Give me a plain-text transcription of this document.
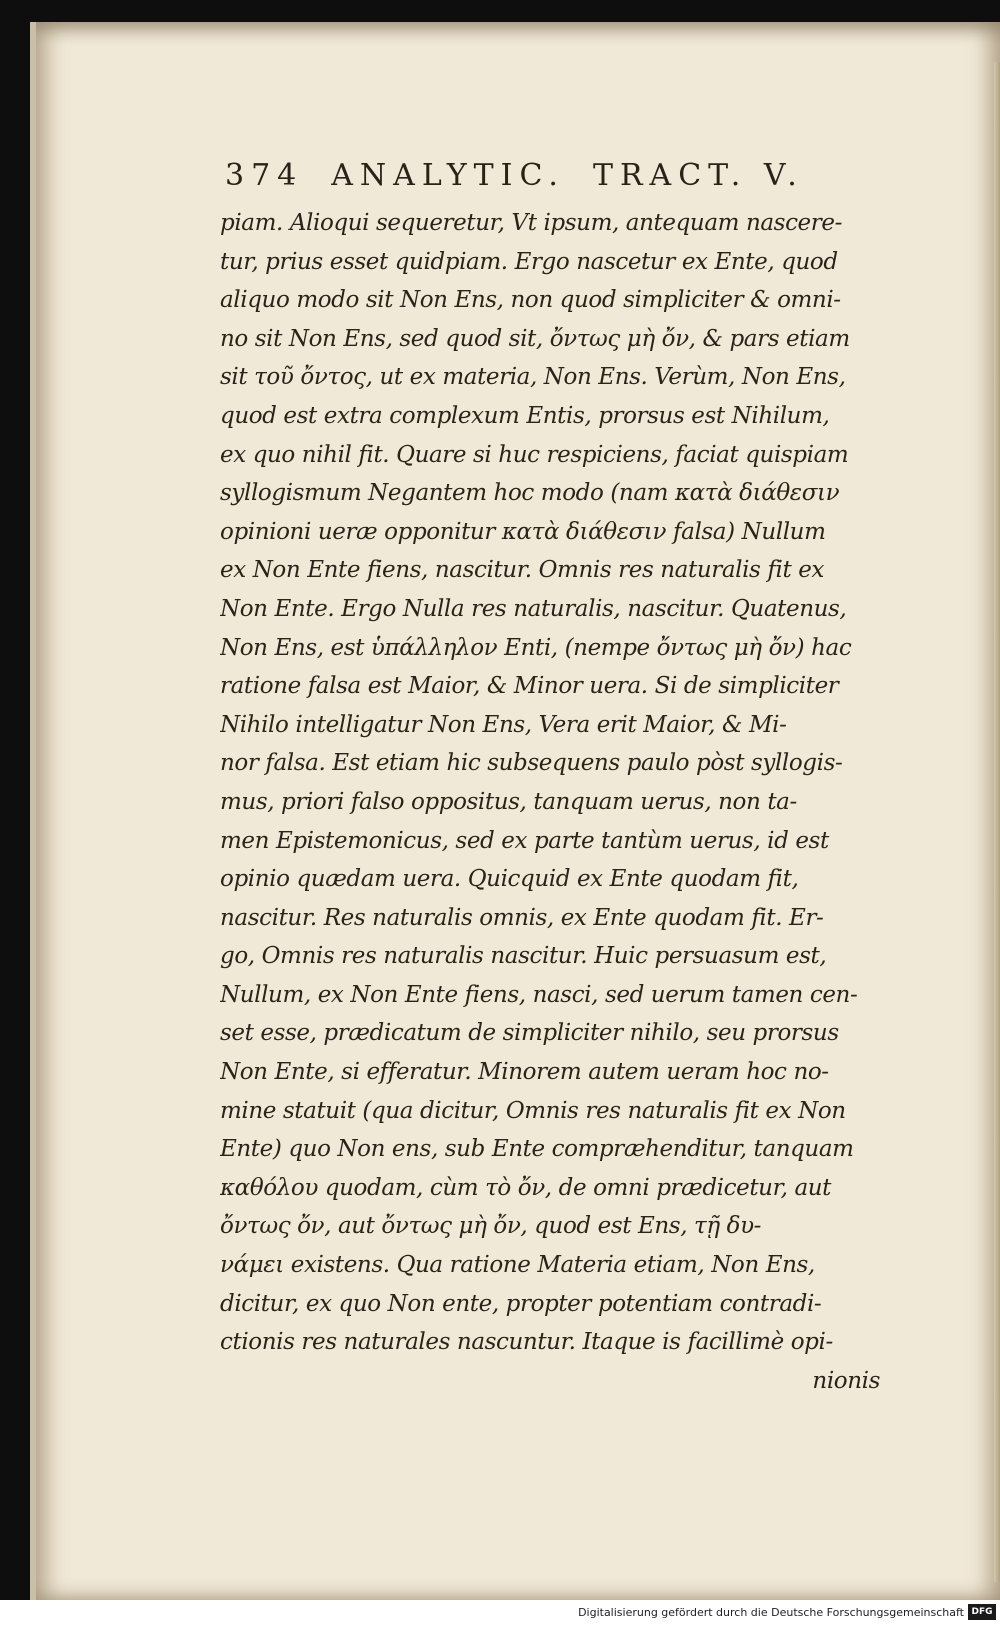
374 ANALYTIC. TRACT. V.
piam. Alioqui sequeretur, Vt ipsum, antequam nascere-
tur, prius esset quidpiam. Ergo nascetur ex Ente, quod
aliquo modo sit Non Ens, non quod simpliciter & omni-
no sit Non Ens, sed quod sit, ὄντως μὴ ὄν, & pars etiam
sit τοῦ ὄντος, ut ex materia, Non Ens. Verùm, Non Ens,
quod est extra complexum Entis, prorsus est Nihilum,
ex quo nihil fit. Quare si huc respiciens, faciat quispiam
syllogismum Negantem hoc modo (nam κατὰ διάθεσιν
opinioni ueræ opponitur κατὰ διάθεσιν falsa) Nullum
ex Non Ente fiens, nascitur. Omnis res naturalis fit ex
Non Ente. Ergo Nulla res naturalis, nascitur. Quatenus,
Non Ens, est ὑπάλληλον Enti, (nempe ὄντως μὴ ὄν) hac
ratione falsa est Maior, & Minor uera. Si de simpliciter
Nihilo intelligatur Non Ens, Vera erit Maior, & Mi-
nor falsa. Est etiam hic subsequens paulo pòst syllogis-
mus, priori falso oppositus, tanquam uerus, non ta-
men Epistemonicus, sed ex parte tantùm uerus, id est
opinio quædam uera. Quicquid ex Ente quodam fit,
nascitur. Res naturalis omnis, ex Ente quodam fit. Er-
go, Omnis res naturalis nascitur. Huic persuasum est,
Nullum, ex Non Ente fiens, nasci, sed uerum tamen cen-
set esse, prædicatum de simpliciter nihilo, seu prorsus
Non Ente, si efferatur. Minorem autem ueram hoc no-
mine statuit (qua dicitur, Omnis res naturalis fit ex Non
Ente) quo Non ens, sub Ente compræhenditur, tanquam
καθόλου quodam, cùm τὸ ὄν, de omni prædicetur, aut
ὄντως ὄν, aut ὄντως μὴ ὄν, quod est Ens, τῇ δυ-
νάμει existens. Qua ratione Materia etiam, Non Ens,
dicitur, ex quo Non ente, propter potentiam contradi-
ctionis res naturales nascuntur. Itaque is facillimè opi-
nionis
Digitalisierung gefördert durch die Deutsche Forschungsgemeinschaft DFG
